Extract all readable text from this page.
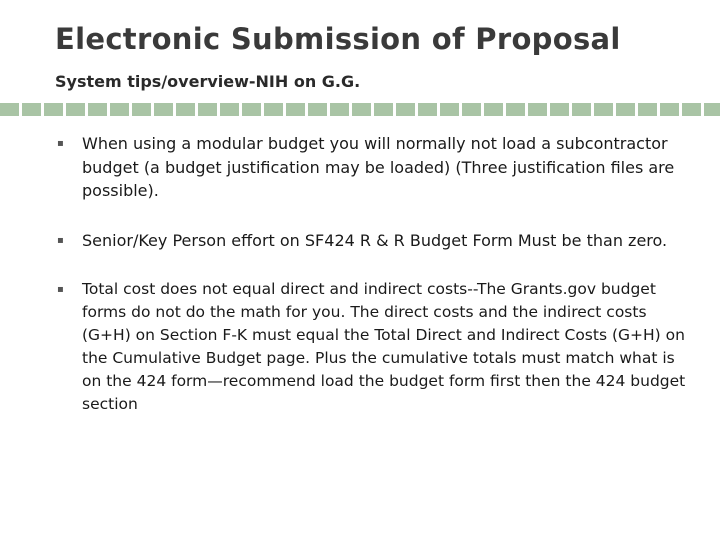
Electronic Submission of Proposal
System tips/overview-NIH on G.G.
▪ When using a modular budget you will normally not load a subcontractor budget (a budget justification may be loaded) (Three justification files are possible).
▪ Senior/Key Person effort on SF424 R & R Budget Form Must be than zero.
▪ Total cost does not equal direct and indirect costs--The Grants.gov budget forms do not do the math for you. The direct costs and the indirect costs (G+H) on Section F-K must equal the Total Direct and Indirect Costs (G+H) on the Cumulative Budget page. Plus the cumulative totals must match what is on the 424 form—recommend load the budget form first then the 424 budget section
